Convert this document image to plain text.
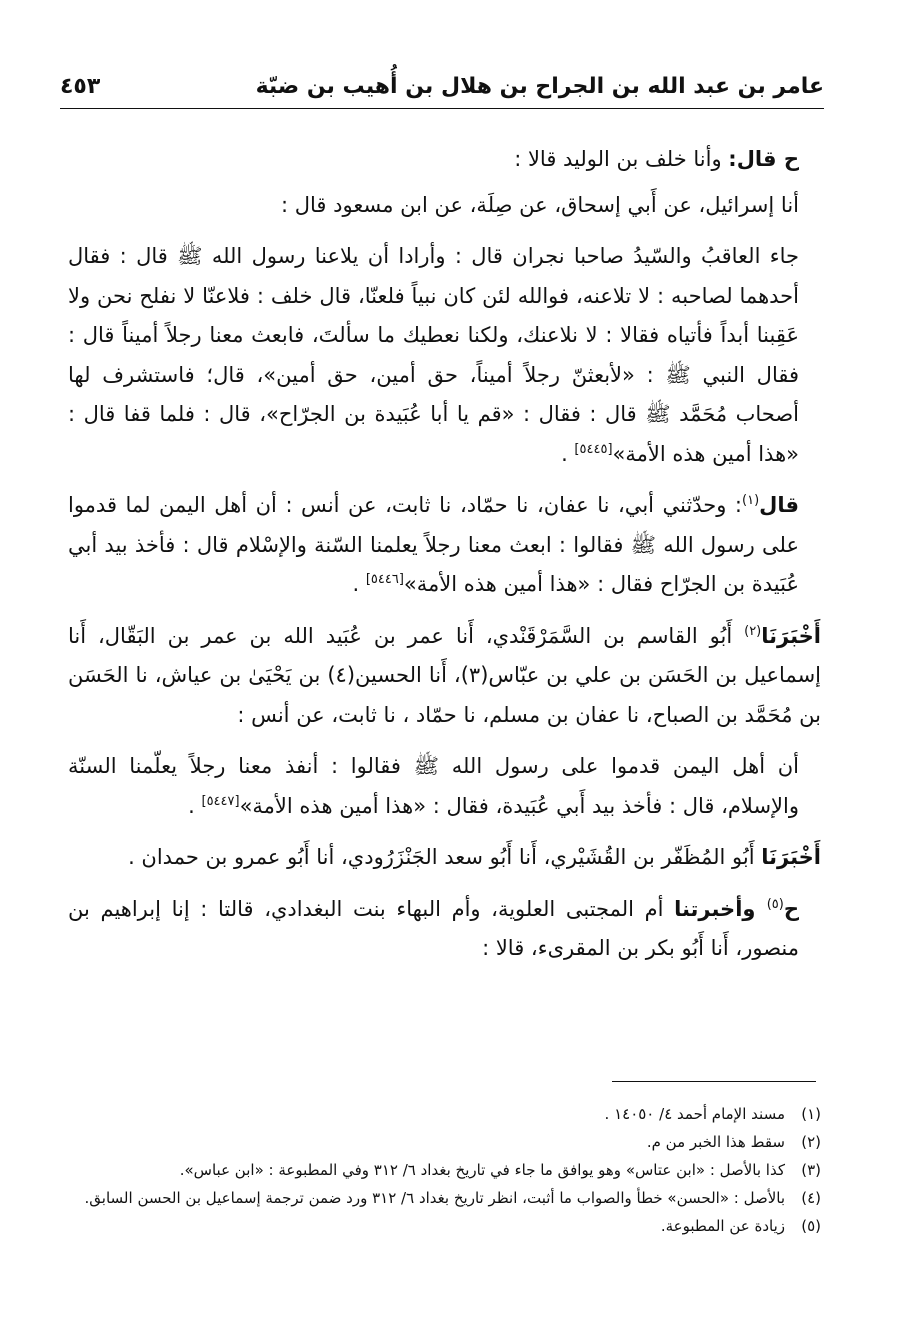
عامر بن عبد الله بن الجراح بن هلال بن أُهيب بن ضبّة
٤٥٣

ح قال: وأنا خلف بن الوليد قالا :

أنا إسرائيل، عن أَبي إسحاق، عن صِلَة، عن ابن مسعود قال :

جاء العاقبُ والسّيدُ صاحبا نجران قال : وأرادا أن يلاعنا رسول الله ﷺ قال : فقال أحدهما لصاحبه : لا تلاعنه، فوالله لئن كان نبياً فلعنّا، قال خلف : فلاعنّا لا نفلح نحن ولا عَقِبنا أبداً فأتياه فقالا : لا نلاعنك، ولكنا نعطيك ما سألتَ، فابعث معنا رجلاً أميناً قال : فقال النبي ﷺ : «لأبعثنّ رجلاً أميناً، حق أمين، حق أمين»، قال؛ فاستشرف لها أصحاب مُحَمَّد ﷺ قال : فقال : «قم يا أبا عُبَيدة بن الجرّاح»، قال : فلما قفا قال : «هذا أمين هذه الأمة»[٥٤٤٥] .

قال$^{(١)}$: وحدّثني أبي، نا عفان، نا حمّاد، نا ثابت، عن أنس : أن أهل اليمن لما قدموا على رسول الله ﷺ فقالوا : ابعث معنا رجلاً يعلمنا السّنة والإسْلام قال : فأخذ بيد أبي عُبَيدة بن الجرّاح فقال : «هذا أمين هذه الأمة»[٥٤٤٦] .

أَخْبَرَنَا$^{(٢)}$ أَبُو القاسم بن السَّمَرْقَنْدي، أَنا عمر بن عُبَيد الله بن عمر بن البَقّال، أَنا إسماعيل بن الحَسَن بن علي بن عبّاس(٣)، أَنا الحسين(٤) بن يَحْيَىٰ بن عياش، نا الحَسَن بن مُحَمَّد بن الصباح، نا عفان بن مسلم، نا حمّاد ، نا ثابت، عن أنس :

أن أهل اليمن قدموا على رسول الله ﷺ فقالوا : أنفذ معنا رجلاً يعلّمنا السنّة والإسلام، قال : فأخذ بيد أَبي عُبَيدة، فقال : «هذا أمين هذه الأمة»[٥٤٤٧] .

أَخْبَرَنَا أَبُو المُظَفّر بن القُشَيْري، أَنا أَبُو سعد الجَنْزَرُودي، أنا أَبُو عمرو بن حمدان .

ح$^{(٥)}$ وأخبرتنا أم المجتبى العلوية، وأم البهاء بنت البغدادي، قالتا : إنا إبراهيم بن منصور، أَنا أَبُو بكر بن المقرىء، قالا :

(١)
مسند الإمام أحمد ٤/ ١٤٠٥٠ .
(٢)
سقط هذا الخبر من م.
(٣)
كذا بالأصل : «ابن عتاس» وهو يوافق ما جاء في تاريخ بغداد ٦/ ٣١٢ وفي المطبوعة : «ابن عباس».
(٤)
بالأصل : «الحسن» خطأ والصواب ما أثبت، انظر تاريخ بغداد ٦/ ٣١٢ ورد ضمن ترجمة إسماعيل بن الحسن السابق.
(٥)
زيادة عن المطبوعة.
